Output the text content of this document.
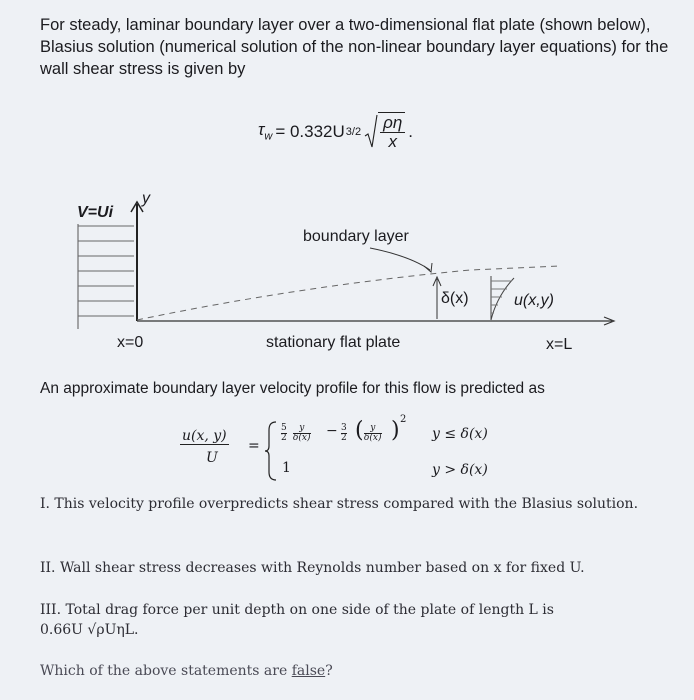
For steady, laminar boundary layer over a two-dimensional flat plate (shown below), Blasius solution (numerical solution of the non-linear boundary layer equations) for the wall shear stress is given by
$\tau_w = 0.332U$ $3/2 \frac{\rho\eta}{x}$ .
V=Ui
y
boundary layer
δ(x)	u(x,y)
x=0	stationary flat plate	x=L
An approximate boundary layer velocity profile for this flow is predicted as
u(x, y)
U
=
5
2
y
δ(x) − 3
2 ( y
δ(x) ) 2
1
y ≤ δ(x)
y > δ(x)
I. This velocity profile overpredicts shear stress compared with the Blasius solution.
II. Wall shear stress decreases with Reynolds number based on x for fixed U.
III. Total drag force per unit depth on one side of the plate of length L is
0.66U √ρUηL.
Which of the above statements are false?
